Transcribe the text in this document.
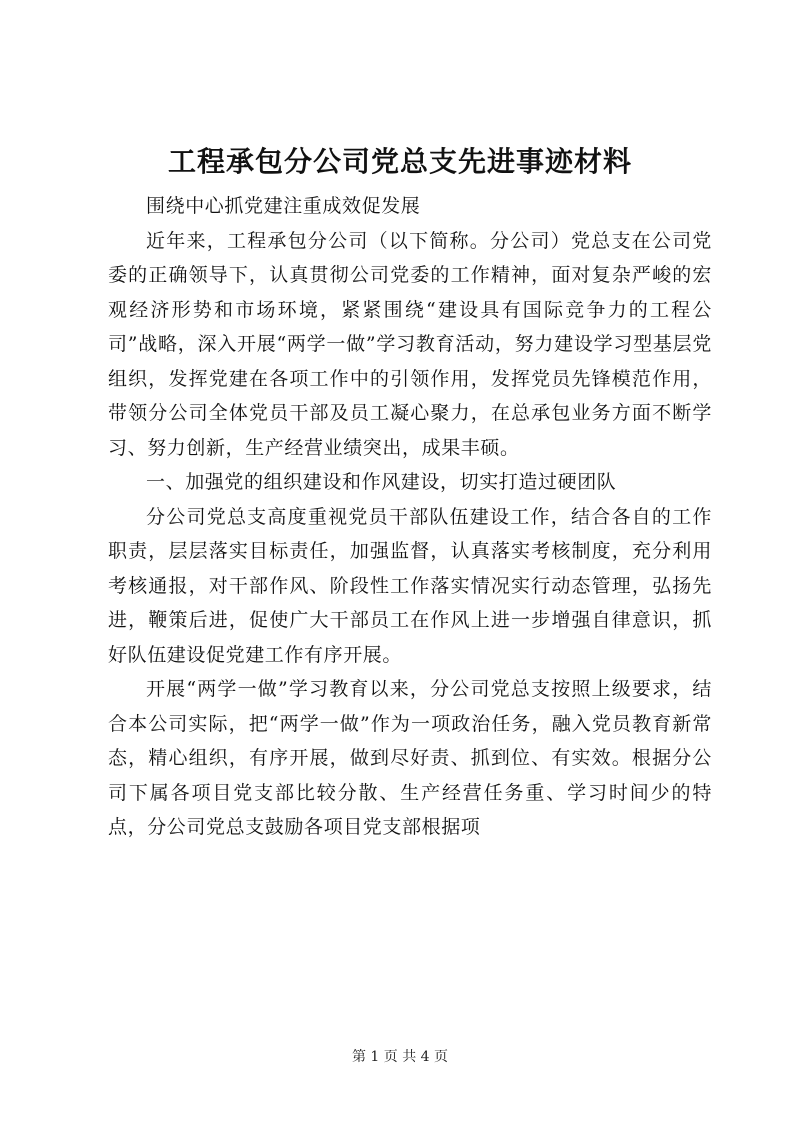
工程承包分公司党总支先进事迹材料

围绕中心抓党建注重成效促发展

近年来，工程承包分公司（以下简称。分公司）党总支在公司党委的正确领导下，认真贯彻公司党委的工作精神，面对复杂严峻的宏观经济形势和市场环境，紧紧围绕“建设具有国际竞争力的工程公司”战略，深入开展“两学一做”学习教育活动，努力建设学习型基层党组织，发挥党建在各项工作中的引领作用，发挥党员先锋模范作用，带领分公司全体党员干部及员工凝心聚力，在总承包业务方面不断学习、努力创新，生产经营业绩突出，成果丰硕。

一、加强党的组织建设和作风建设，切实打造过硬团队

分公司党总支高度重视党员干部队伍建设工作，结合各自的工作职责，层层落实目标责任，加强监督，认真落实考核制度，充分利用考核通报，对干部作风、阶段性工作落实情况实行动态管理，弘扬先进，鞭策后进，促使广大干部员工在作风上进一步增强自律意识，抓好队伍建设促党建工作有序开展。

开展“两学一做”学习教育以来，分公司党总支按照上级要求，结合本公司实际，把“两学一做”作为一项政治任务，融入党员教育新常态，精心组织，有序开展，做到尽好责、抓到位、有实效。根据分公司下属各项目党支部比较分散、生产经营任务重、学习时间少的特点，分公司党总支鼓励各项目党支部根据项

第 1 页 共 4 页
